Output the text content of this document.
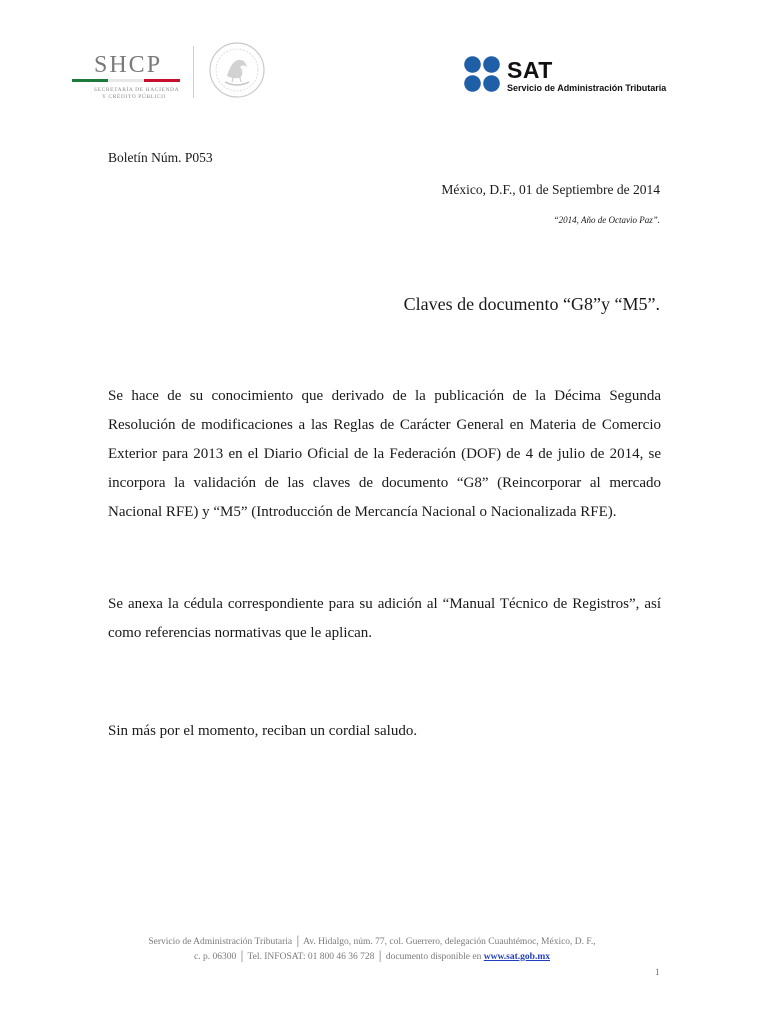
SHCP
SECRETARÍA DE HACIENDA
Y CRÉDITO PÚBLICO
SAT
Servicio de Administración Tributaria
Boletín Núm. P053
México, D.F., 01 de Septiembre de 2014
“2014, Año de Octavio Paz”.
Claves de documento “G8”y “M5”.
Se hace de su conocimiento que derivado de la publicación de la Décima Segunda Resolución de modificaciones a las Reglas de Carácter General en Materia de Comercio Exterior para 2013 en el Diario Oficial de la Federación (DOF) de 4 de julio de 2014, se incorpora la validación de las claves de documento “G8” (Reincorporar al mercado Nacional RFE) y “M5” (Introducción de Mercancía Nacional o Nacionalizada RFE).
Se anexa la cédula correspondiente para su adición al “Manual Técnico de Registros”, así como referencias normativas que le aplican.
Sin más por el momento, reciban un cordial saludo.
Servicio de Administración Tributaria │ Av. Hidalgo, núm. 77, col. Guerrero, delegación Cuauhtémoc, México, D. F.,
c. p. 06300 │ Tel. INFOSAT: 01 800 46 36 728 │ documento disponible en www.sat.gob.mx
1
